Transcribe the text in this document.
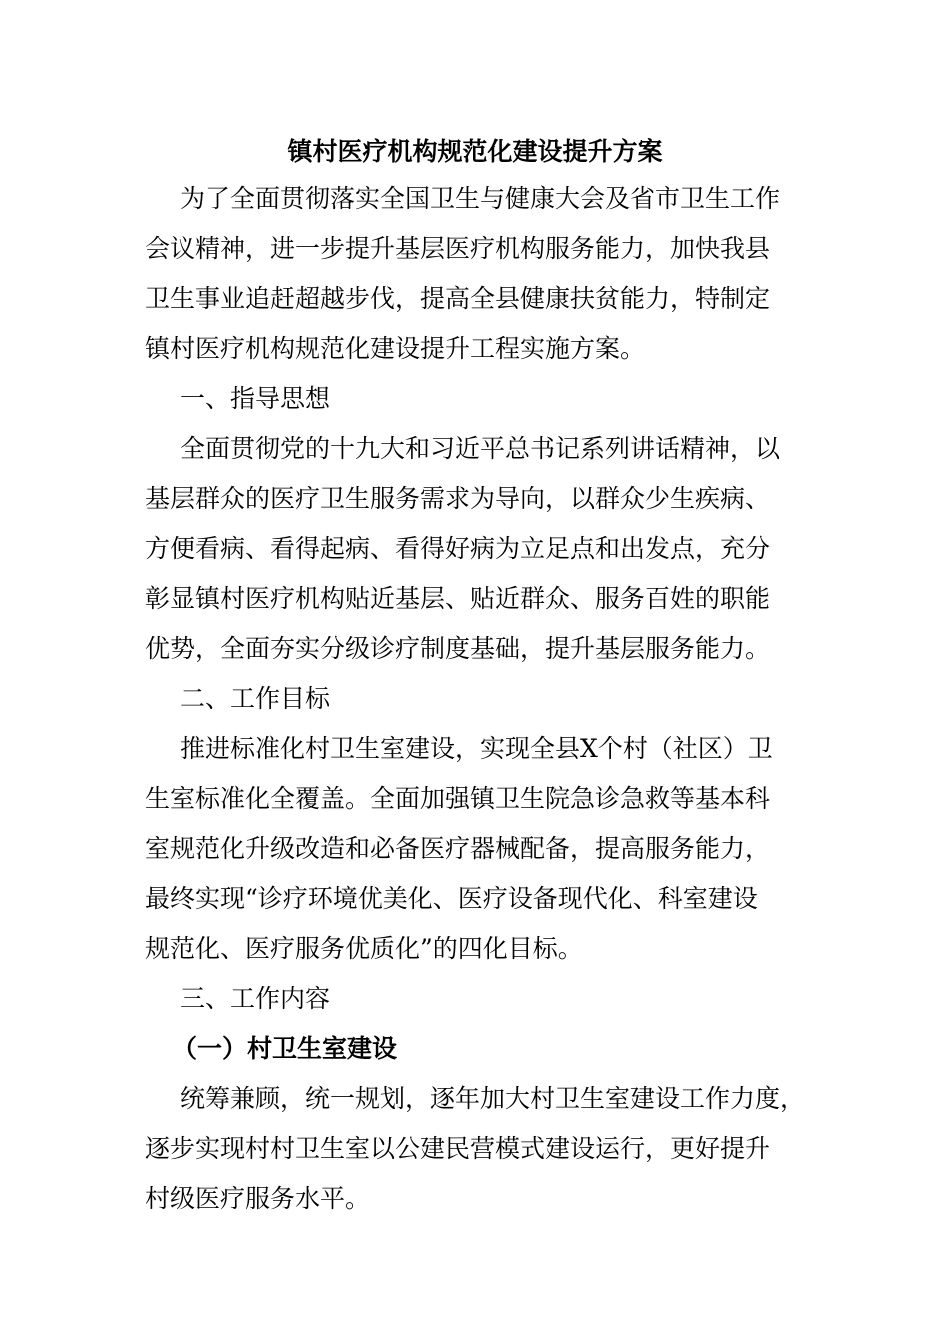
镇村医疗机构规范化建设提升方案
为了全面贯彻落实全国卫生与健康大会及省市卫生工作
会议精神，进一步提升基层医疗机构服务能力，加快我县
卫生事业追赶超越步伐，提高全县健康扶贫能力，特制定
镇村医疗机构规范化建设提升工程实施方案。
一、指导思想
全面贯彻党的十九大和习近平总书记系列讲话精神，以
基层群众的医疗卫生服务需求为导向，以群众少生疾病、
方便看病、看得起病、看得好病为立足点和出发点，充分
彰显镇村医疗机构贴近基层、贴近群众、服务百姓的职能
优势，全面夯实分级诊疗制度基础，提升基层服务能力。
二、工作目标
推进标准化村卫生室建设，实现全县X个村（社区）卫
生室标准化全覆盖。全面加强镇卫生院急诊急救等基本科
室规范化升级改造和必备医疗器械配备，提高服务能力，
最终实现“诊疗环境优美化、医疗设备现代化、科室建设
规范化、医疗服务优质化”的四化目标。
三、工作内容
（一）村卫生室建设
统筹兼顾，统一规划，逐年加大村卫生室建设工作力度，
逐步实现村村卫生室以公建民营模式建设运行，更好提升
村级医疗服务水平。
